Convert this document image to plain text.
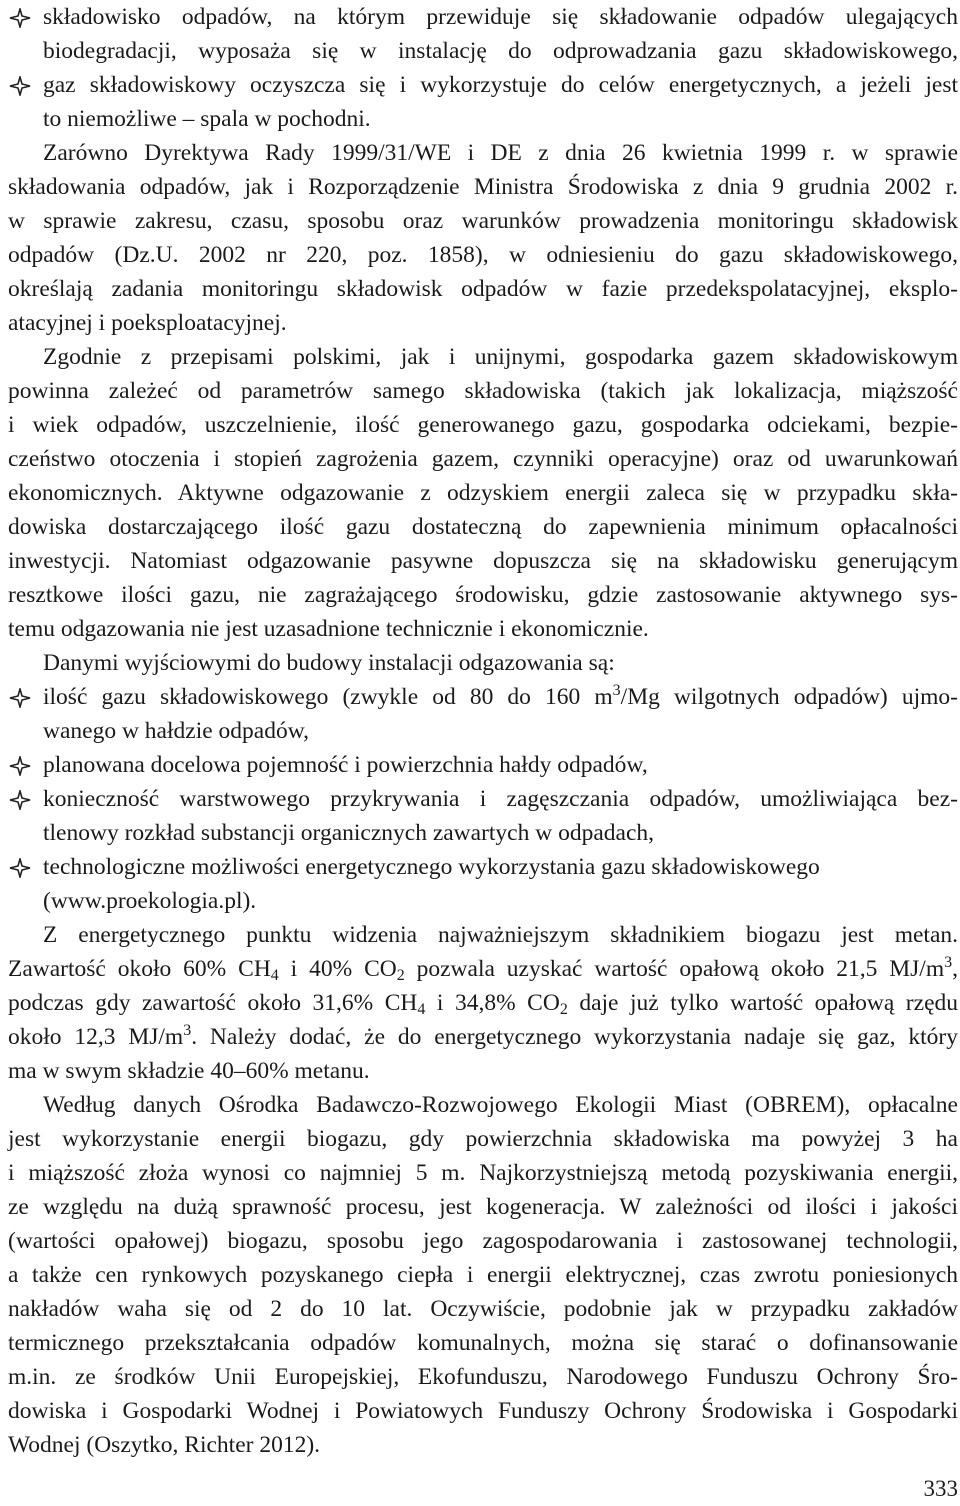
składowisko odpadów, na którym przewiduje się składowanie odpadów ulegających
biodegradacji, wyposaża się w instalację do odprowadzania gazu składowiskowego,
gaz składowiskowy oczyszcza się i wykorzystuje do celów energetycznych, a jeżeli jest
to niemożliwe – spala w pochodni.
Zarówno Dyrektywa Rady 1999/31/WE i DE z dnia 26 kwietnia 1999 r. w sprawie
składowania odpadów, jak i Rozporządzenie Ministra Środowiska z dnia 9 grudnia 2002 r.
w sprawie zakresu, czasu, sposobu oraz warunków prowadzenia monitoringu składowisk
odpadów (Dz.U. 2002 nr 220, poz. 1858), w odniesieniu do gazu składowiskowego,
określają zadania monitoringu składowisk odpadów w fazie przedekspolatacyjnej, eksplo-
atacyjnej i poeksploatacyjnej.
Zgodnie z przepisami polskimi, jak i unijnymi, gospodarka gazem składowiskowym
powinna zależeć od parametrów samego składowiska (takich jak lokalizacja, miąższość
i wiek odpadów, uszczelnienie, ilość generowanego gazu, gospodarka odciekami, bezpie-
czeństwo otoczenia i stopień zagrożenia gazem, czynniki operacyjne) oraz od uwarunkowań
ekonomicznych. Aktywne odgazowanie z odzyskiem energii zaleca się w przypadku skła-
dowiska dostarczającego ilość gazu dostateczną do zapewnienia minimum opłacalności
inwestycji. Natomiast odgazowanie pasywne dopuszcza się na składowisku generującym
resztkowe ilości gazu, nie zagrażającego środowisku, gdzie zastosowanie aktywnego sys-
temu odgazowania nie jest uzasadnione technicznie i ekonomicznie.
Danymi wyjściowymi do budowy instalacji odgazowania są:
ilość gazu składowiskowego (zwykle od 80 do 160 $m^3/Mg$ wilgotnych odpadów) ujmo-
wanego w hałdzie odpadów,
planowana docelowa pojemność i powierzchnia hałdy odpadów,
konieczność warstwowego przykrywania i zagęszczania odpadów, umożliwiająca bez-
tlenowy rozkład substancji organicznych zawartych w odpadach,
technologiczne możliwości energetycznego wykorzystania gazu składowiskowego
(www.proekologia.pl).
Z energetycznego punktu widzenia najważniejszym składnikiem biogazu jest metan.
Zawartość około 60% $CH_4$ i 40% $CO_2$ pozwala uzyskać wartość opałową około 21,5 $MJ/m^3$,
podczas gdy zawartość około 31,6% $CH_4$ i 34,8% $CO_2$ daje już tylko wartość opałową rzędu
około 12,3 $MJ/m^3$. Należy dodać, że do energetycznego wykorzystania nadaje się gaz, który
ma w swym składzie 40–60% metanu.
Według danych Ośrodka Badawczo-Rozwojowego Ekologii Miast (OBREM), opłacalne
jest wykorzystanie energii biogazu, gdy powierzchnia składowiska ma powyżej 3 ha
i miąższość złoża wynosi co najmniej 5 m. Najkorzystniejszą metodą pozyskiwania energii,
ze względu na dużą sprawność procesu, jest kogeneracja. W zależności od ilości i jakości
(wartości opałowej) biogazu, sposobu jego zagospodarowania i zastosowanej technologii,
a także cen rynkowych pozyskanego ciepła i energii elektrycznej, czas zwrotu poniesionych
nakładów waha się od 2 do 10 lat. Oczywiście, podobnie jak w przypadku zakładów
termicznego przekształcania odpadów komunalnych, można się starać o dofinansowanie
m.in. ze środków Unii Europejskiej, Ekofunduszu, Narodowego Funduszu Ochrony Śro-
dowiska i Gospodarki Wodnej i Powiatowych Funduszy Ochrony Środowiska i Gospodarki
Wodnej (Oszytko, Richter 2012).
333
